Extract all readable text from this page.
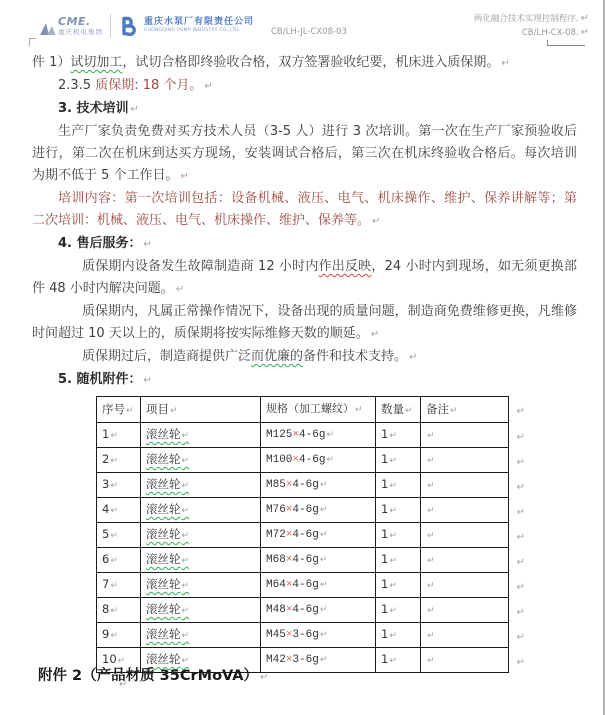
CME.
重庆机电集团
重庆水泵厂有限责任公司
CHONGQING PUMP INDUSTRY CO.,LTD.
两化融合技术实现控制程序. ↵
CB/LH-JL-CX08-03	CB/LH-CX-08. ↵

件 1）试切加工，试切合格即终验收合格，双方签署验收纪要，机床进入质保期。 ↵

2.3.5 质保期: 18 个月。 ↵

3. 技术培训 ↵

生产厂家负责免费对买方技术人员（3-5 人）进行 3 次培训。第一次在生产厂家预验收后进行，第二次在机床到达买方现场，安装调试合格后，第三次在机床终验收合格后。每次培训为期不低于 5 个工作日。 ↵

培训内容：第一次培训包括：设备机械、液压、电气、机床操作、维护、保养讲解等；第二次培训：机械、液压、电气、机床操作、维护、保养等。 ↵

4. 售后服务： ↵

质保期内设备发生故障制造商 12 小时内作出反映，24 小时内到现场，如无须更换部件 48 小时内解决问题。 ↵

质保期内，凡属正常操作情况下，设备出现的质量问题，制造商免费维修更换，凡维修时间超过 10 天以上的，质保期将按实际维修天数的顺延。 ↵

质保期过后，制造商提供广泛而优廉的备件和技术支持。 ↵

5. 随机附件： ↵

序号 ↵	项目 ↵	规格（加工螺纹） ↵	数量 ↵	备注 ↵ ↵

1 ↵	滚丝轮 ↵	M125×4-6g ↵	1 ↵	↵↵

2 ↵	滚丝轮 ↵	M100×4-6g ↵	1 ↵	↵↵

3 ↵	滚丝轮 ↵	M85×4-6g ↵	1 ↵	↵↵

4 ↵	滚丝轮 ↵	M76×4-6g ↵	1 ↵	↵↵

5 ↵	滚丝轮 ↵	M72×4-6g ↵	1 ↵	↵↵

6 ↵	滚丝轮 ↵	M68×4-6g ↵	1 ↵	↵↵

7 ↵	滚丝轮 ↵	M64×4-6g ↵	1 ↵	↵↵

8 ↵	滚丝轮 ↵	M48×4-6g ↵	1 ↵	↵↵

9 ↵	滚丝轮 ↵	M45×3-6g ↵	1 ↵	↵↵

10 ↵	滚丝轮 ↵	M42×3-6g ↵	1 ↵	↵↵

↵

附件 2（产品材质 35CrMoVA） ↵
